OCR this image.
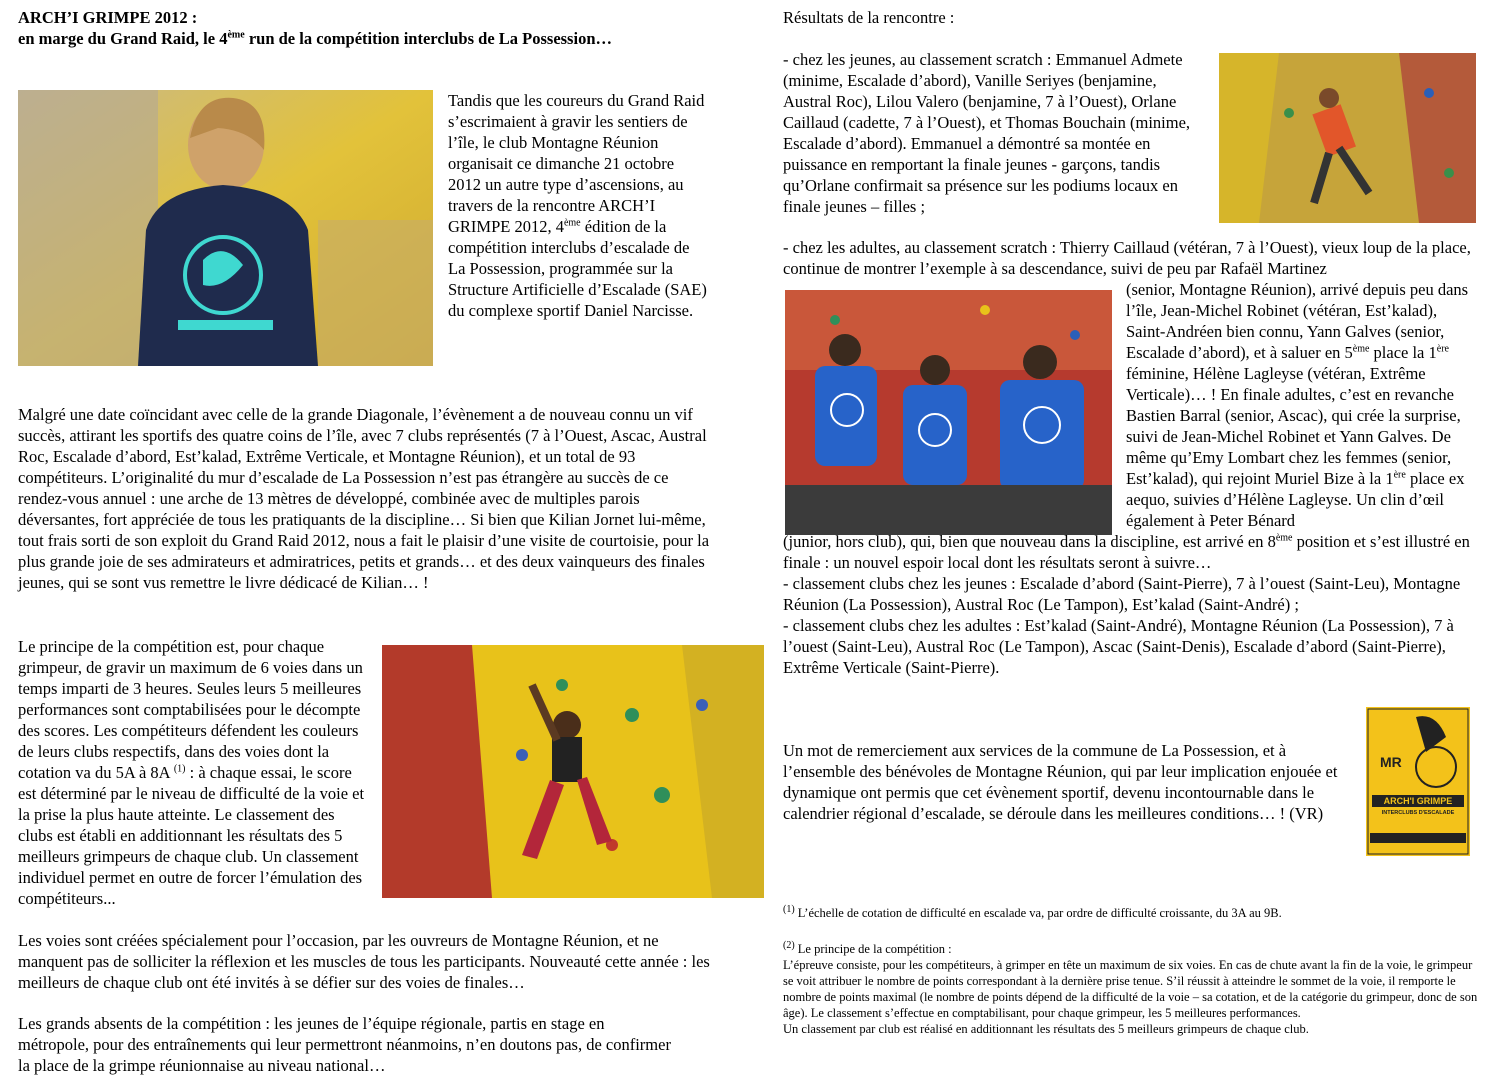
ARCH’I GRIMPE 2012 :
en marge du Grand Raid, le 4ème run de la compétition interclubs de La Possession…

Tandis que les coureurs du Grand Raid s’escrimaient à gravir les sentiers de l’île, le club Montagne Réunion organisait ce dimanche 21 octobre 2012 un autre type d’ascensions, au travers de la rencontre ARCH’I GRIMPE 2012, 4ème édition de la compétition interclubs d’escalade de La Possession, programmée sur la Structure Artificielle d’Escalade (SAE) du complexe sportif Daniel Narcisse.

Malgré une date coïncidant avec celle de la grande Diagonale, l’évènement a de nouveau connu un vif succès, attirant les sportifs des quatre coins de l’île, avec 7 clubs représentés (7 à l’Ouest, Ascac, Austral Roc, Escalade d’abord, Est’kalad, Extrême Verticale, et Montagne Réunion), et un total de 93 compétiteurs. L’originalité du mur d’escalade de La Possession n’est pas étrangère au succès de ce rendez-vous annuel : une arche de 13 mètres de développé, combinée avec de multiples parois déversantes, fort appréciée de tous les pratiquants de la discipline… Si bien que Kilian Jornet lui-même, tout frais sorti de son exploit du Grand Raid 2012, nous a fait le plaisir d’une visite de courtoisie, pour la plus grande joie de ses admirateurs et admiratrices, petits et grands… et des deux vainqueurs des finales jeunes, qui se sont vus remettre le livre dédicacé de Kilian… !

Le principe de la compétition est, pour chaque grimpeur, de gravir un maximum de 6 voies dans un temps imparti de 3 heures. Seules leurs 5 meilleures performances sont comptabilisées pour le décompte des scores. Les compétiteurs défendent les couleurs de leurs clubs respectifs, dans des voies dont la cotation va du 5A à 8A $^{(1)}$ : à chaque essai, le score est déterminé par le niveau de difficulté de la voie et la prise la plus haute atteinte. Le classement des clubs est établi en additionnant les résultats des 5 meilleurs grimpeurs de chaque club. Un classement individuel permet en outre de forcer l’émulation des compétiteurs...

Les voies sont créées spécialement pour l’occasion, par les ouvreurs de Montagne Réunion, et ne manquent pas de solliciter la réflexion et les muscles de tous les participants. Nouveauté cette année : les meilleurs de chaque club ont été invités à se défier sur des voies de finales…

Les grands absents de la compétition : les jeunes de l’équipe régionale, partis en stage en métropole, pour des entraînements qui leur permettront néanmoins, n’en doutons pas, de confirmer la place de la grimpe réunionnaise au niveau national…

Résultats de la rencontre :

- chez les jeunes, au classement scratch : Emmanuel Admete (minime, Escalade d’abord), Vanille Seriyes (benjamine, Austral Roc), Lilou Valero (benjamine, 7 à l’Ouest), Orlane Caillaud (cadette, 7 à l’Ouest), et Thomas Bouchain (minime, Escalade d’abord). Emmanuel a démontré sa montée en puissance en remportant la finale jeunes - garçons, tandis qu’Orlane confirmait sa présence sur les podiums locaux en finale jeunes – filles ;

- chez les adultes, au classement scratch : Thierry Caillaud (vétéran, 7 à l’Ouest), vieux loup de la place, continue de montrer l’exemple à sa descendance, suivi de peu par Rafaël Martinez

(senior, Montagne Réunion), arrivé depuis peu dans l’île, Jean-Michel Robinet (vétéran, Est’kalad), Saint-Andréen bien connu, Yann Galves (senior, Escalade d’abord), et à saluer en 5ème place la 1ère féminine, Hélène Lagleyse (vétéran, Extrême Verticale)… ! En finale adultes, c’est en revanche Bastien Barral (senior, Ascac), qui crée la surprise, suivi de Jean-Michel Robinet et Yann Galves. De même qu’Emy Lombart chez les femmes (senior, Est’kalad), qui rejoint Muriel Bize à la 1ère place ex aequo, suivies d’Hélène Lagleyse. Un clin d’œil également à Peter Bénard

(junior, hors club), qui, bien que nouveau dans la discipline, est arrivé en 8ème position et s’est illustré en finale : un nouvel espoir local dont les résultats seront à suivre…

- classement clubs chez les jeunes : Escalade d’abord (Saint-Pierre), 7 à l’ouest (Saint-Leu), Montagne Réunion (La Possession), Austral Roc (Le Tampon), Est’kalad (Saint-André) ;

- classement clubs chez les adultes : Est’kalad (Saint-André), Montagne Réunion (La Possession), 7 à l’ouest (Saint-Leu), Austral Roc (Le Tampon), Ascac (Saint-Denis), Escalade d’abord (Saint-Pierre), Extrême Verticale (Saint-Pierre).

MR
ARCH'I GRIMPE
INTERCLUBS D'ESCALADE

Un mot de remerciement aux services de la commune de La Possession, et à l’ensemble des bénévoles de Montagne Réunion, qui par leur implication enjouée et dynamique ont permis que cet évènement sportif, devenu incontournable dans le calendrier régional d’escalade, se déroule dans les meilleures conditions… ! (VR)

$^{(1)}$ L’échelle de cotation de difficulté en escalade va, par ordre de difficulté croissante, du 3A au 9B.

$^{(2)}$ Le principe de la compétition :

L’épreuve consiste, pour les compétiteurs, à grimper en tête un maximum de six voies. En cas de chute avant la fin de la voie, le grimpeur se voit attribuer le nombre de points correspondant à la dernière prise tenue. S’il réussit à atteindre le sommet de la voie, il remporte le nombre de points maximal (le nombre de points dépend de la difficulté de la voie – sa cotation, et de la catégorie du grimpeur, donc de son âge). Le classement s’effectue en comptabilisant, pour chaque grimpeur, les 5 meilleures performances.

Un classement par club est réalisé en additionnant les résultats des 5 meilleurs grimpeurs de chaque club.
